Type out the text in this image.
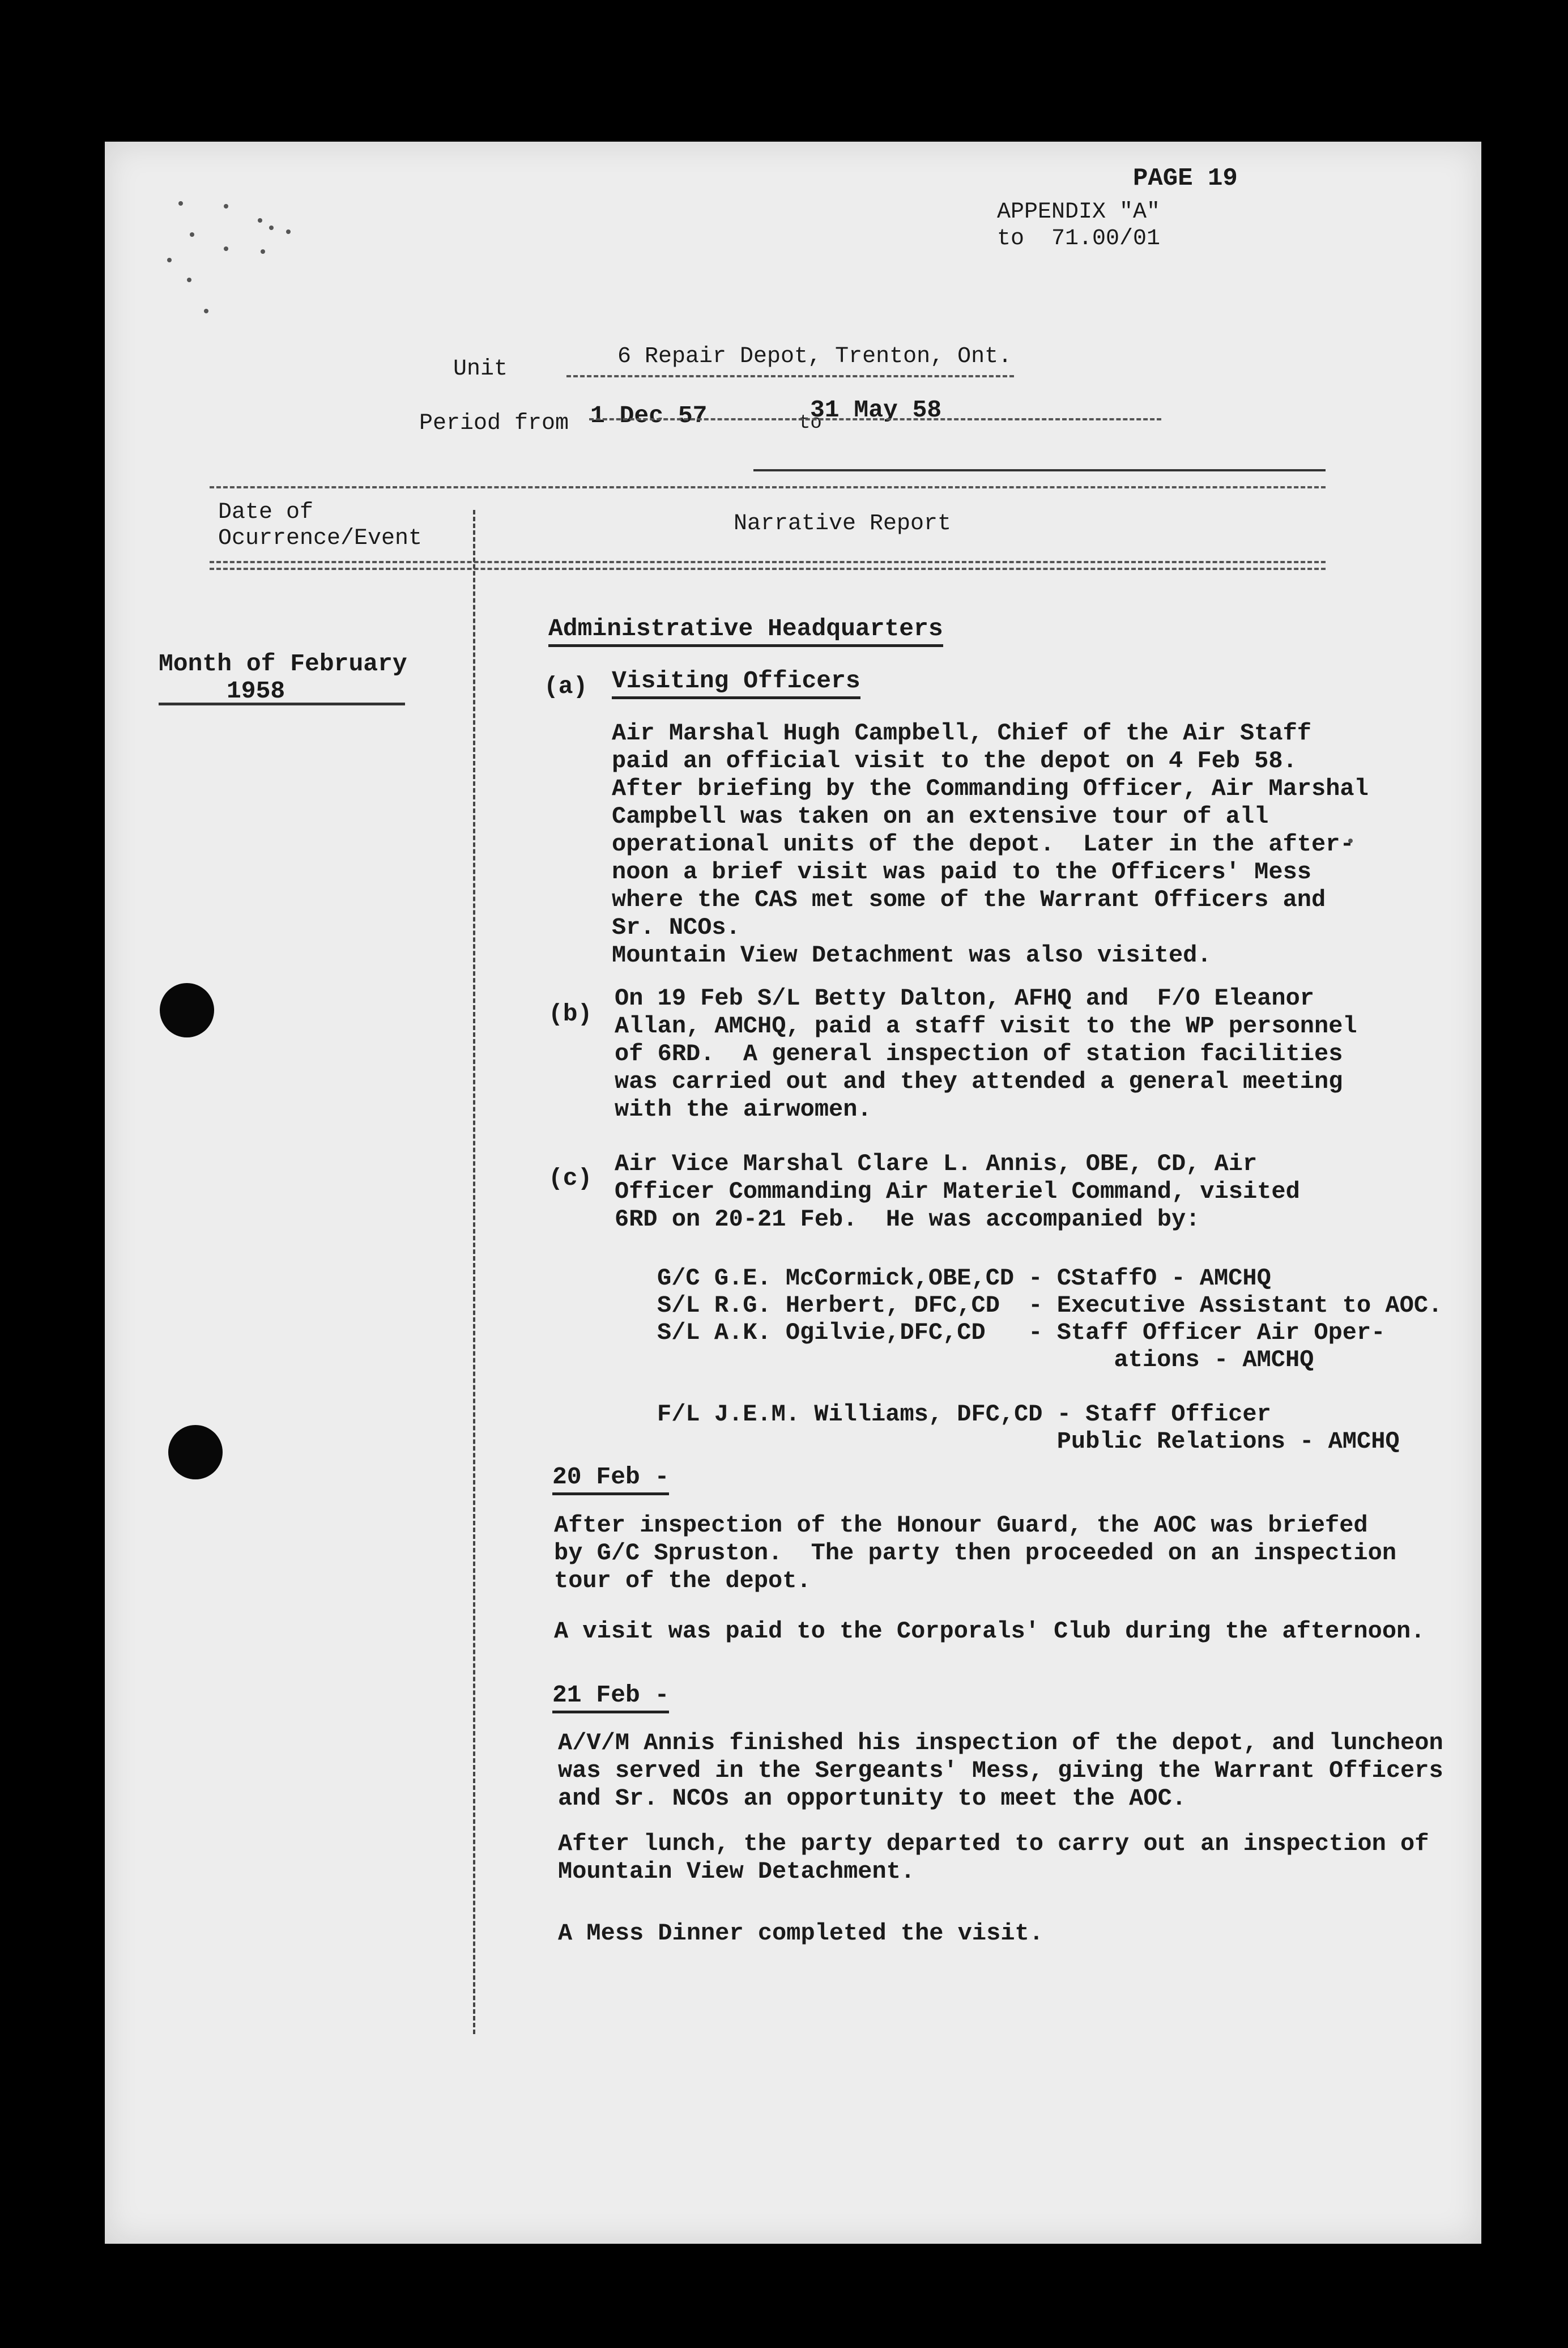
PAGE 19
APPENDIX "A"
to  71.00/01
Unit	6 Repair Depot, Trenton, Ont.
Period from 1 Dec 57	to
31 May 58
Date of
Ocurrence/Event
Narrative Report
Month of February
1958
Administrative Headquarters
(a) Visiting Officers
Air Marshal Hugh Campbell, Chief of the Air Staff
paid an official visit to the depot on 4 Feb 58.
After briefing by the Commanding Officer, Air Marshal
Campbell was taken on an extensive tour of all
operational units of the depot.  Later in the after-
noon a brief visit was paid to the Officers' Mess
where the CAS met some of the Warrant Officers and
Sr. NCOs.
Mountain View Detachment was also visited.
(b)
On 19 Feb S/L Betty Dalton, AFHQ and  F/O Eleanor
Allan, AMCHQ, paid a staff visit to the WP personnel
of 6RD.  A general inspection of station facilities
was carried out and they attended a general meeting
with the airwomen.
(c)
Air Vice Marshal Clare L. Annis, OBE, CD, Air
Officer Commanding Air Materiel Command, visited
6RD on 20-21 Feb.  He was accompanied by:
G/C G.E. McCormick,OBE,CD - CStaffO - AMCHQ
S/L R.G. Herbert, DFC,CD  - Executive Assistant to AOC.
S/L A.K. Ogilvie,DFC,CD   - Staff Officer Air Oper-
ations - AMCHQ

F/L J.E.M. Williams, DFC,CD - Staff Officer
Public Relations - AMCHQ
20 Feb -
After inspection of the Honour Guard, the AOC was briefed
by G/C Spruston.  The party then proceeded on an inspection
tour of the depot.
A visit was paid to the Corporals' Club during the afternoon.
21 Feb -
A/V/M Annis finished his inspection of the depot, and luncheon
was served in the Sergeants' Mess, giving the Warrant Officers
and Sr. NCOs an opportunity to meet the AOC.
After lunch, the party departed to carry out an inspection of
Mountain View Detachment.
A Mess Dinner completed the visit.
